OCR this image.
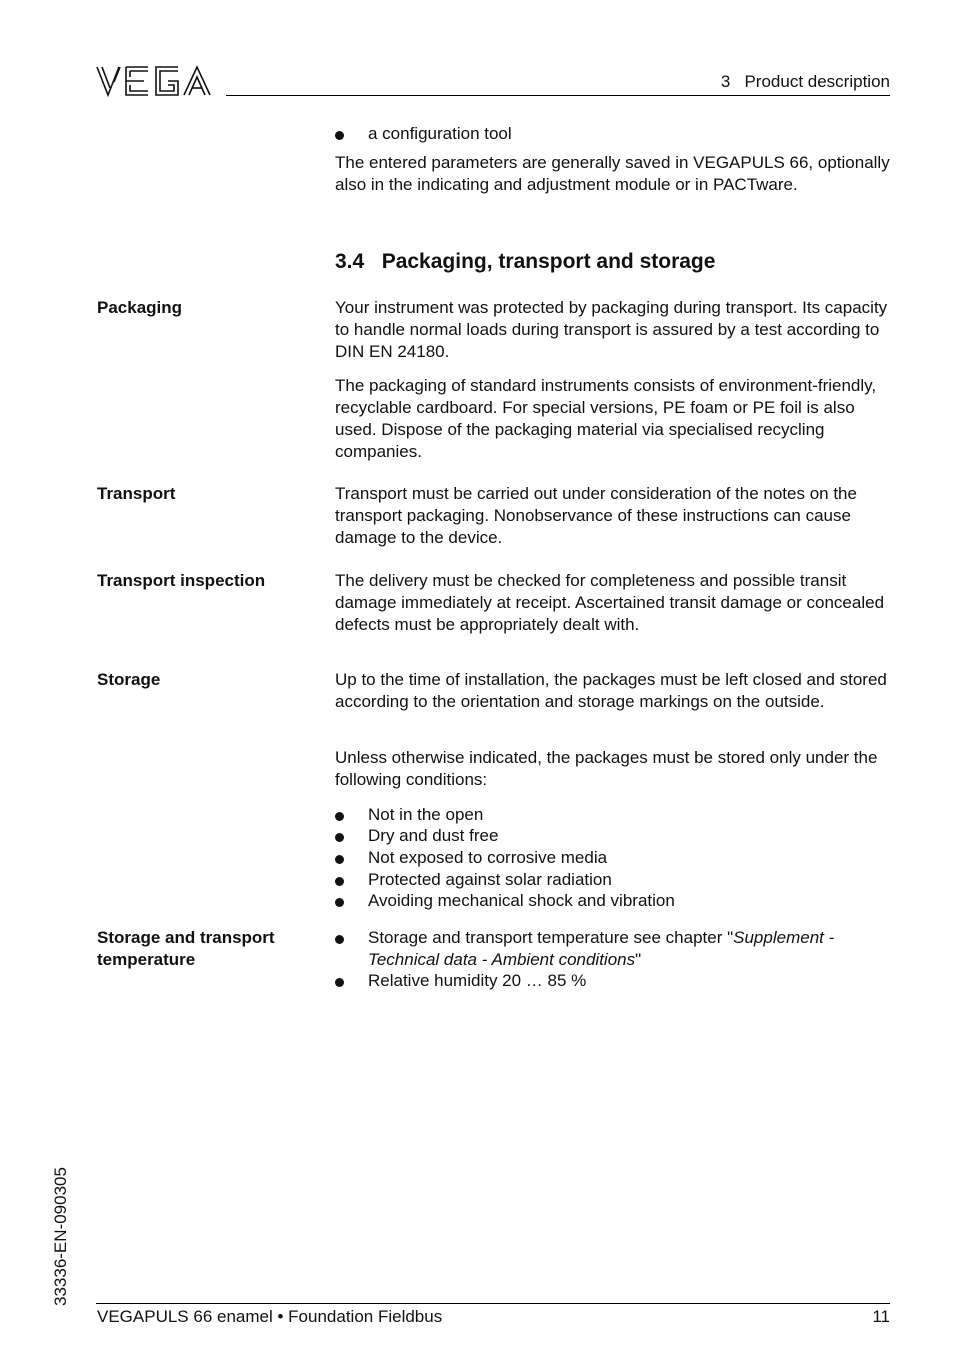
3   Product description
a configuration tool
The entered parameters are generally saved in VEGAPULS 66, optionally also in the indicating and adjustment module or in PACTware.
3.4   Packaging, transport and storage
Packaging	Your instrument was protected by packaging during transport. Its capacity to handle normal loads during transport is assured by a test according to DIN EN 24180.
The packaging of standard instruments consists of environment-friendly, recyclable cardboard. For special versions, PE foam or PE foil is also used. Dispose of the packaging material via specialised recycling companies.
Transport	Transport must be carried out under consideration of the notes on the transport packaging. Nonobservance of these instructions can cause damage to the device.
Transport inspection	The delivery must be checked for completeness and possible transit damage immediately at receipt. Ascertained transit damage or concealed defects must be appropriately dealt with.
Storage	Up to the time of installation, the packages must be left closed and stored according to the orientation and storage markings on the outside.
Unless otherwise indicated, the packages must be stored only under the following conditions:
Not in the open
Dry and dust free
Not exposed to corrosive media
Protected against solar radiation
Avoiding mechanical shock and vibration
Storage and transport temperature
Storage and transport temperature see chapter "Supplement - Technical data - Ambient conditions"
Relative humidity 20 … 85 %
33336-EN-090305
VEGAPULS 66 enamel • Foundation Fieldbus	11
